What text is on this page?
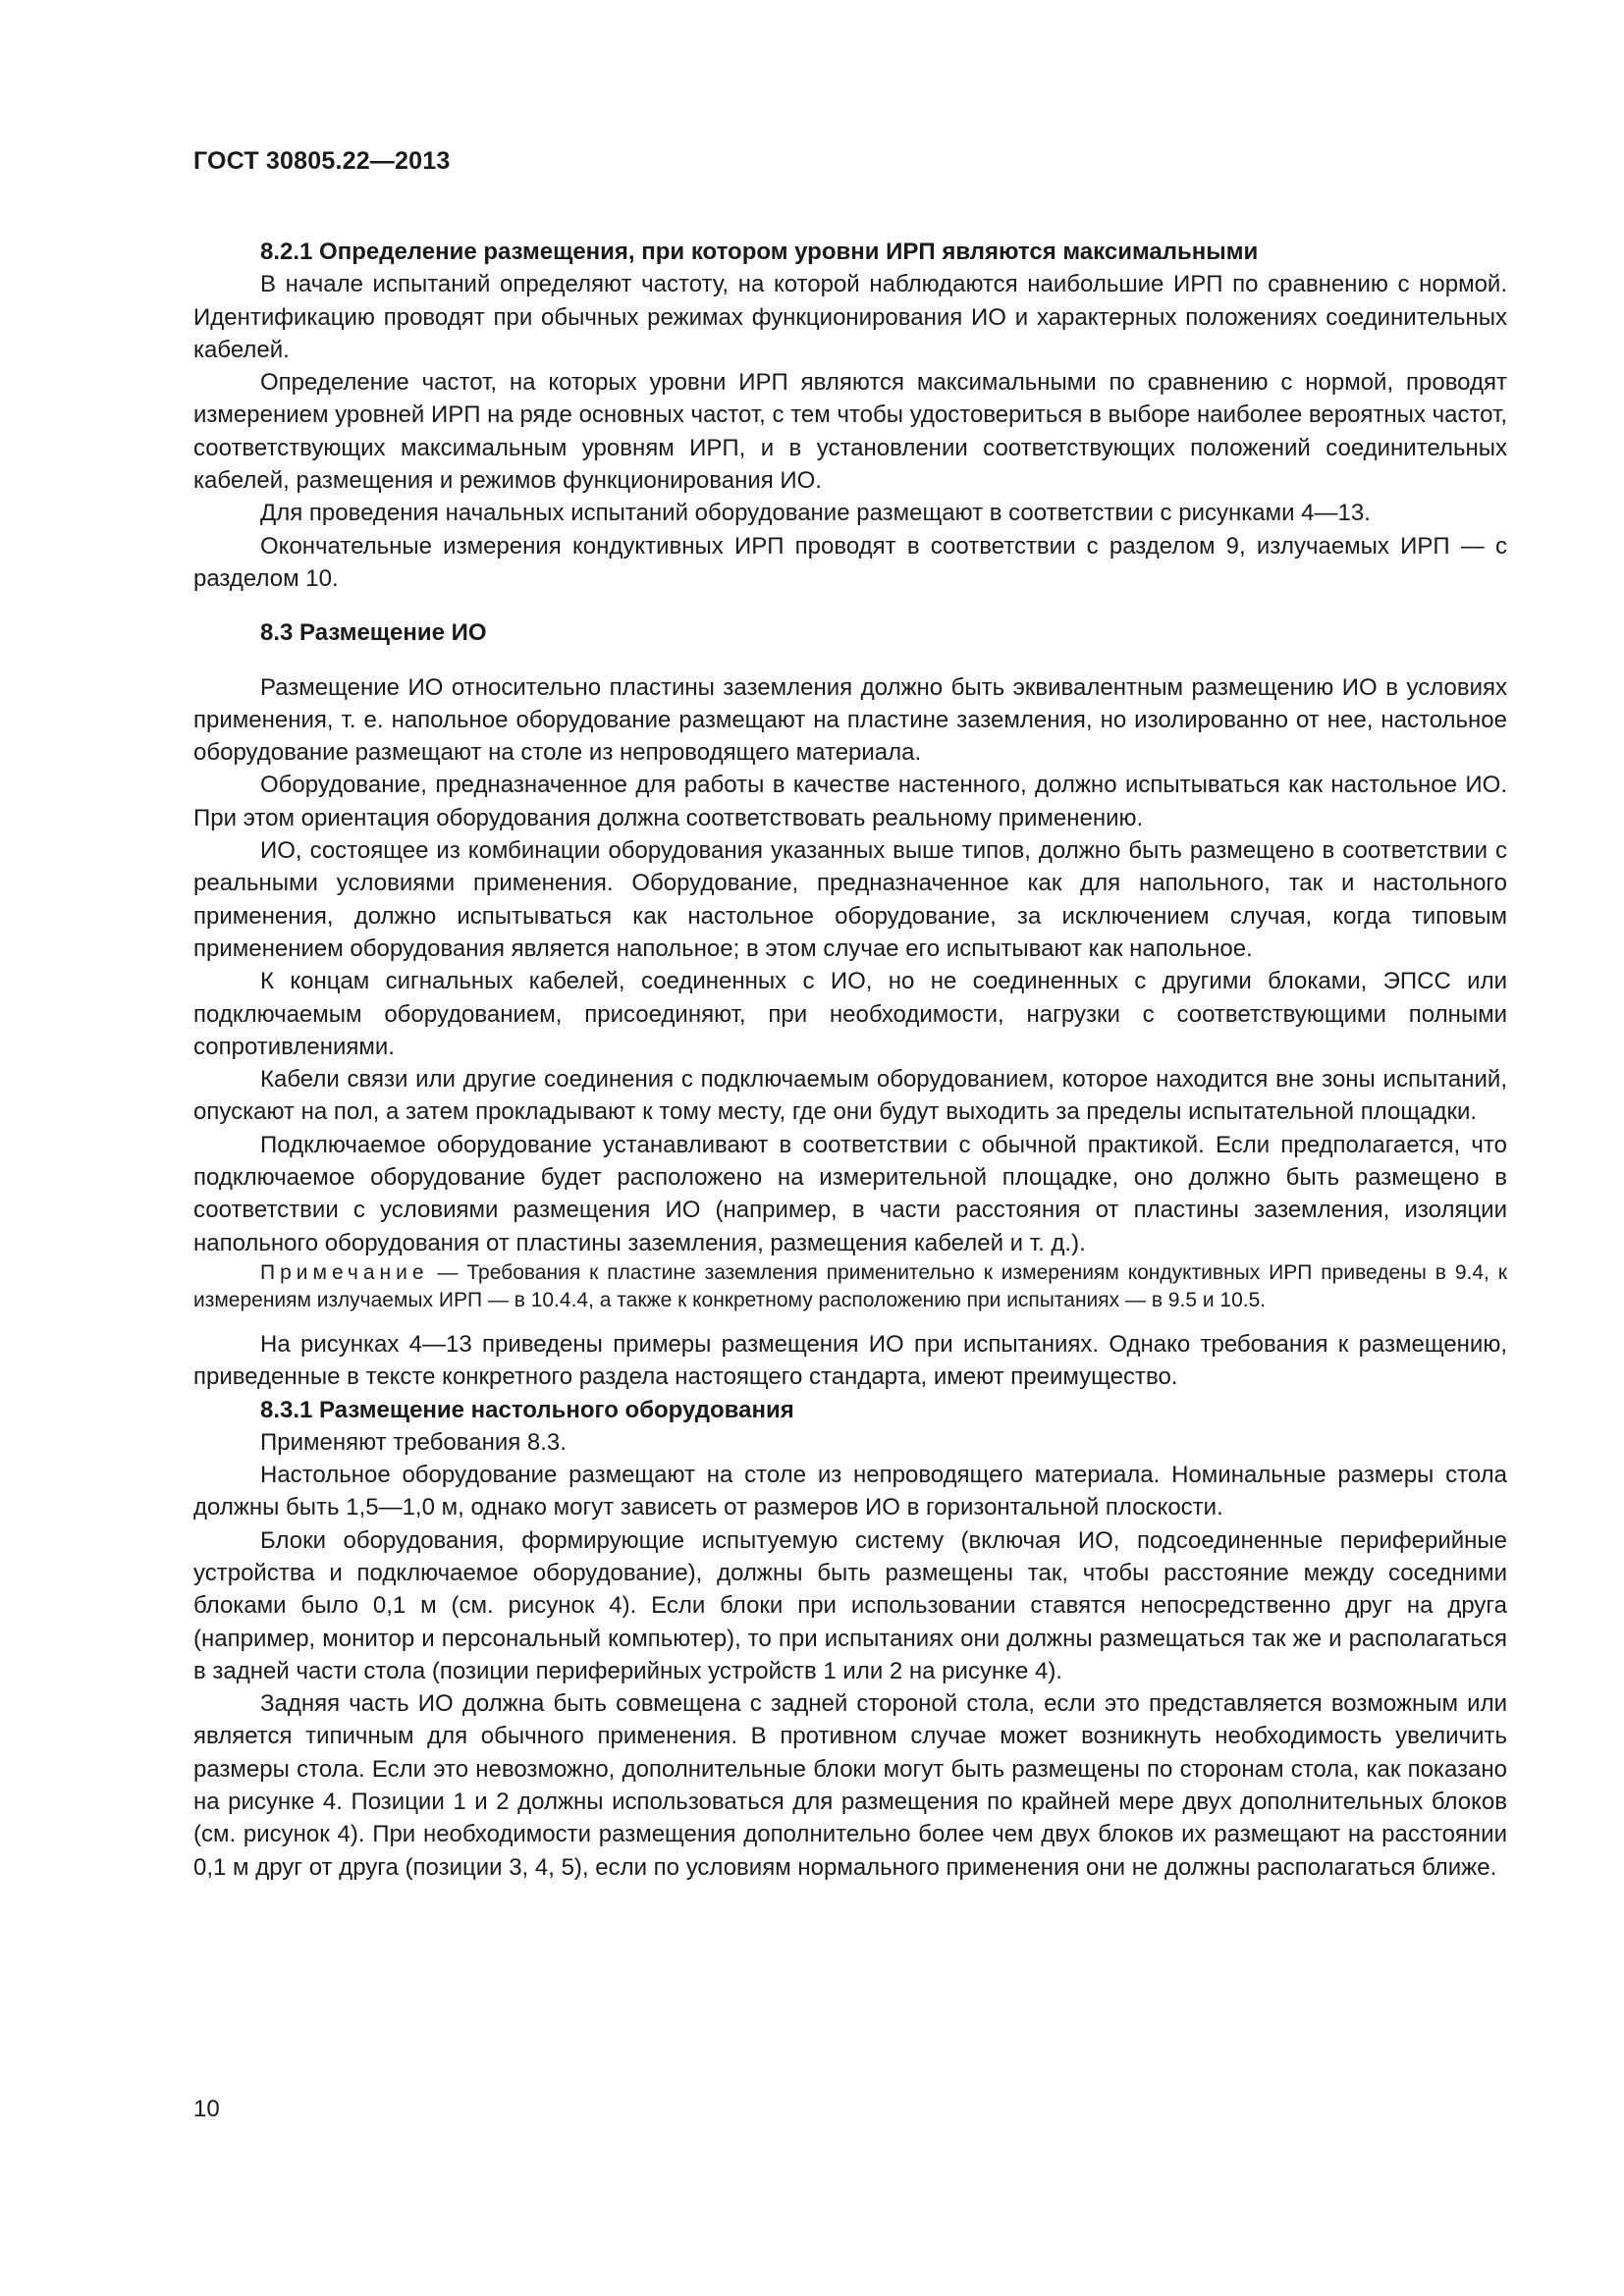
ГОСТ 30805.22—2013
8.2.1 Определение размещения, при котором уровни ИРП являются максимальными

В начале испытаний определяют частоту, на которой наблюдаются наибольшие ИРП по сравнению с нормой. Идентификацию проводят при обычных режимах функционирования ИО и характерных положениях соединительных кабелей.

Определение частот, на которых уровни ИРП являются максимальными по сравнению с нормой, проводят измерением уровней ИРП на ряде основных частот, с тем чтобы удостовериться в выборе наиболее вероятных частот, соответствующих максимальным уровням ИРП, и в установлении соответствующих положений соединительных кабелей, размещения и режимов функционирования ИО.

Для проведения начальных испытаний оборудование размещают в соответствии с рисунками 4—13.

Окончательные измерения кондуктивных ИРП проводят в соответствии с разделом 9, излучаемых ИРП — с разделом 10.

8.3 Размещение ИО

Размещение ИО относительно пластины заземления должно быть эквивалентным размещению ИО в условиях применения, т. е. напольное оборудование размещают на пластине заземления, но изолированно от нее, настольное оборудование размещают на столе из непроводящего материала.

Оборудование, предназначенное для работы в качестве настенного, должно испытываться как настольное ИО. При этом ориентация оборудования должна соответствовать реальному применению.

ИО, состоящее из комбинации оборудования указанных выше типов, должно быть размещено в соответствии с реальными условиями применения. Оборудование, предназначенное как для напольного, так и настольного применения, должно испытываться как настольное оборудование, за исключением случая, когда типовым применением оборудования является напольное; в этом случае его испытывают как напольное.

К концам сигнальных кабелей, соединенных с ИО, но не соединенных с другими блоками, ЭПСС или подключаемым оборудованием, присоединяют, при необходимости, нагрузки с соответствующими полными сопротивлениями.

Кабели связи или другие соединения с подключаемым оборудованием, которое находится вне зоны испытаний, опускают на пол, а затем прокладывают к тому месту, где они будут выходить за пределы испытательной площадки.

Подключаемое оборудование устанавливают в соответствии с обычной практикой. Если предполагается, что подключаемое оборудование будет расположено на измерительной площадке, оно должно быть размещено в соответствии с условиями размещения ИО (например, в части расстояния от пластины заземления, изоляции напольного оборудования от пластины заземления, размещения кабелей и т. д.).

Примечание — Требования к пластине заземления применительно к измерениям кондуктивных ИРП приведены в 9.4, к измерениям излучаемых ИРП — в 10.4.4, а также к конкретному расположению при испытаниях — в 9.5 и 10.5.

На рисунках 4—13 приведены примеры размещения ИО при испытаниях. Однако требования к размещению, приведенные в тексте конкретного раздела настоящего стандарта, имеют преимущество.

8.3.1 Размещение настольного оборудования

Применяют требования 8.3.

Настольное оборудование размещают на столе из непроводящего материала. Номинальные размеры стола должны быть 1,5—1,0 м, однако могут зависеть от размеров ИО в горизонтальной плоскости.

Блоки оборудования, формирующие испытуемую систему (включая ИО, подсоединенные периферийные устройства и подключаемое оборудование), должны быть размещены так, чтобы расстояние между соседними блоками было 0,1 м (см. рисунок 4). Если блоки при использовании ставятся непосредственно друг на друга (например, монитор и персональный компьютер), то при испытаниях они должны размещаться так же и располагаться в задней части стола (позиции периферийных устройств 1 или 2 на рисунке 4).

Задняя часть ИО должна быть совмещена с задней стороной стола, если это представляется возможным или является типичным для обычного применения. В противном случае может возникнуть необходимость увеличить размеры стола. Если это невозможно, дополнительные блоки могут быть размещены по сторонам стола, как показано на рисунке 4. Позиции 1 и 2 должны использоваться для размещения по крайней мере двух дополнительных блоков (см. рисунок 4). При необходимости размещения дополнительно более чем двух блоков их размещают на расстоянии 0,1 м друг от друга (позиции 3, 4, 5), если по условиям нормального применения они не должны располагаться ближе.

10
